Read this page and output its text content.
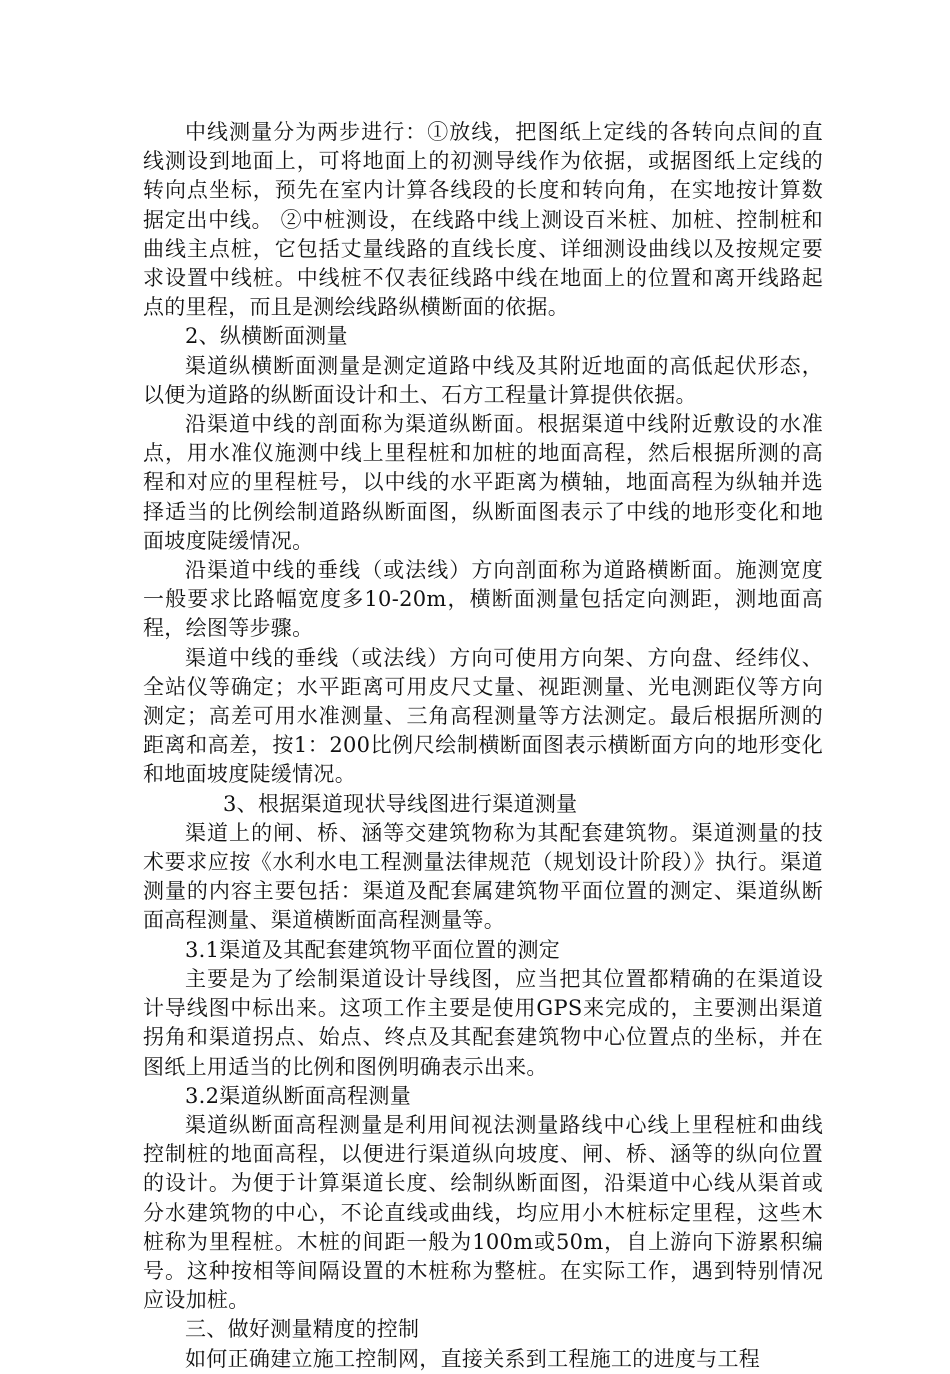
中线测量分为两步进行：①放线，把图纸上定线的各转向点间的直线测设到地面上，可将地面上的初测导线作为依据，或据图纸上定线的转向点坐标，预先在室内计算各线段的长度和转向角，在实地按计算数据定出中线。 ②中桩测设，在线路中线上测设百米桩、加桩、控制桩和曲线主点桩，它包括丈量线路的直线长度、详细测设曲线以及按规定要求设置中线桩。中线桩不仅表征线路中线在地面上的位置和离开线路起点的里程，而且是测绘线路纵横断面的依据。

2、纵横断面测量

渠道纵横断面测量是测定道路中线及其附近地面的高低起伏形态，以便为道路的纵断面设计和土、石方工程量计算提供依据。

沿渠道中线的剖面称为渠道纵断面。根据渠道中线附近敷设的水准点，用水准仪施测中线上里程桩和加桩的地面高程，然后根据所测的高程和对应的里程桩号，以中线的水平距离为横轴，地面高程为纵轴并选择适当的比例绘制道路纵断面图，纵断面图表示了中线的地形变化和地面坡度陡缓情况。

沿渠道中线的垂线（或法线）方向剖面称为道路横断面。施测宽度一般要求比路幅宽度多10-20m，横断面测量包括定向测距，测地面高程，绘图等步骤。

渠道中线的垂线（或法线）方向可使用方向架、方向盘、经纬仪、全站仪等确定；水平距离可用皮尺丈量、视距测量、光电测距仪等方向测定；高差可用水准测量、三角高程测量等方法测定。最后根据所测的距离和高差，按1：200比例尺绘制横断面图表示横断面方向的地形变化和地面坡度陡缓情况。

3、根据渠道现状导线图进行渠道测量

渠道上的闸、桥、涵等交建筑物称为其配套建筑物。渠道测量的技术要求应按《水利水电工程测量法律规范（规划设计阶段）》执行。渠道测量的内容主要包括：渠道及配套属建筑物平面位置的测定、渠道纵断面高程测量、渠道横断面高程测量等。

3.1渠道及其配套建筑物平面位置的测定

主要是为了绘制渠道设计导线图，应当把其位置都精确的在渠道设计导线图中标出来。这项工作主要是使用GPS来完成的，主要测出渠道拐角和渠道拐点、始点、终点及其配套建筑物中心位置点的坐标，并在图纸上用适当的比例和图例明确表示出来。

3.2渠道纵断面高程测量

渠道纵断面高程测量是利用间视法测量路线中心线上里程桩和曲线控制桩的地面高程，以便进行渠道纵向坡度、闸、桥、涵等的纵向位置的设计。为便于计算渠道长度、绘制纵断面图，沿渠道中心线从渠首或分水建筑物的中心，不论直线或曲线，均应用小木桩标定里程，这些木桩称为里程桩。木桩的间距一般为100m或50m，自上游向下游累积编号。这种按相等间隔设置的木桩称为整桩。在实际工作，遇到特别情况应设加桩。

三、做好测量精度的控制

如何正确建立施工控制网，直接关系到工程施工的进度与工程
